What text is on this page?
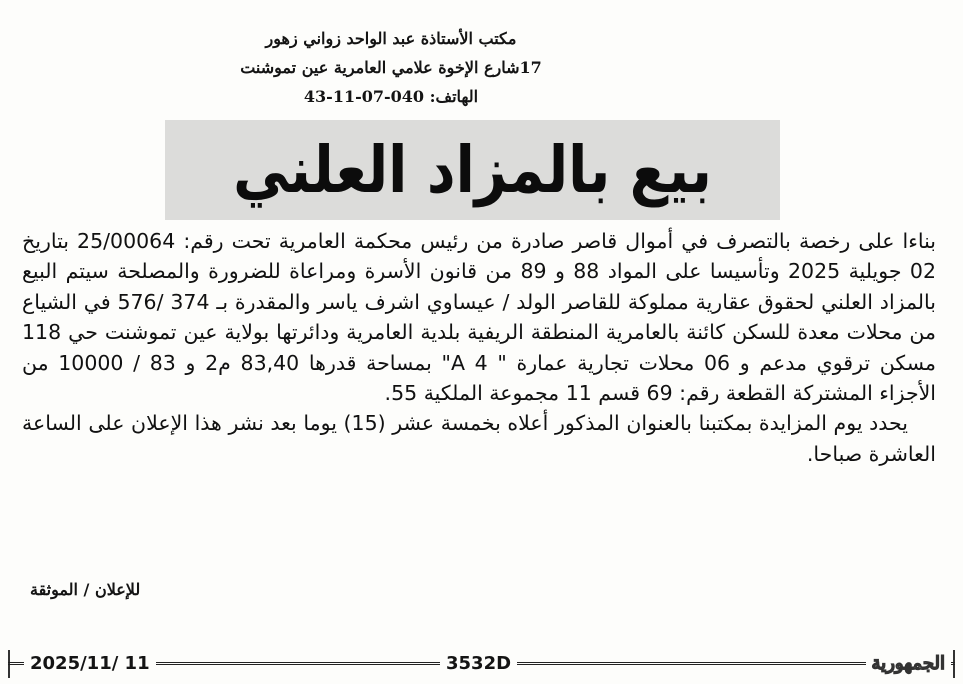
مكتب الأستاذة عبد الواحد زواني زهور
17شارع الإخوة علامي العامرية عين تموشنت
الهاتف: 040-07-11-43
بيع بالمزاد العلني

بناءا على رخصة بالتصرف في أموال قاصر صادرة من رئيس محكمة العامرية تحت رقم: 25/00064 بتاريخ 02 جويلية 2025 وتأسيسا على المواد 88 و 89 من قانون الأسرة ومراعاة للضرورة والمصلحة سيتم البيع بالمزاد العلني لحقوق عقارية مملوكة للقاصر الولد / عيساوي اشرف ياسر والمقدرة بـ 374 /576 في الشياع من محلات معدة للسكن كائنة بالعامرية المنطقة الريفية بلدية العامرية ودائرتها بولاية عين تموشنت حي 118 مسكن ترقوي مدعم و 06 محلات تجارية عمارة " A 4" بمساحة قدرها 83,40 م2 و 83 / 10000 من الأجزاء المشتركة القطعة رقم: 69 قسم 11 مجموعة الملكية 55.

يحدد يوم المزايدة بمكتبنا بالعنوان المذكور أعلاه بخمسة عشر (15) يوما بعد نشر هذا الإعلان على الساعة العاشرة صباحا.

للإعلان / الموثقة
2025/11/ 11	3532D	الجمهورية
